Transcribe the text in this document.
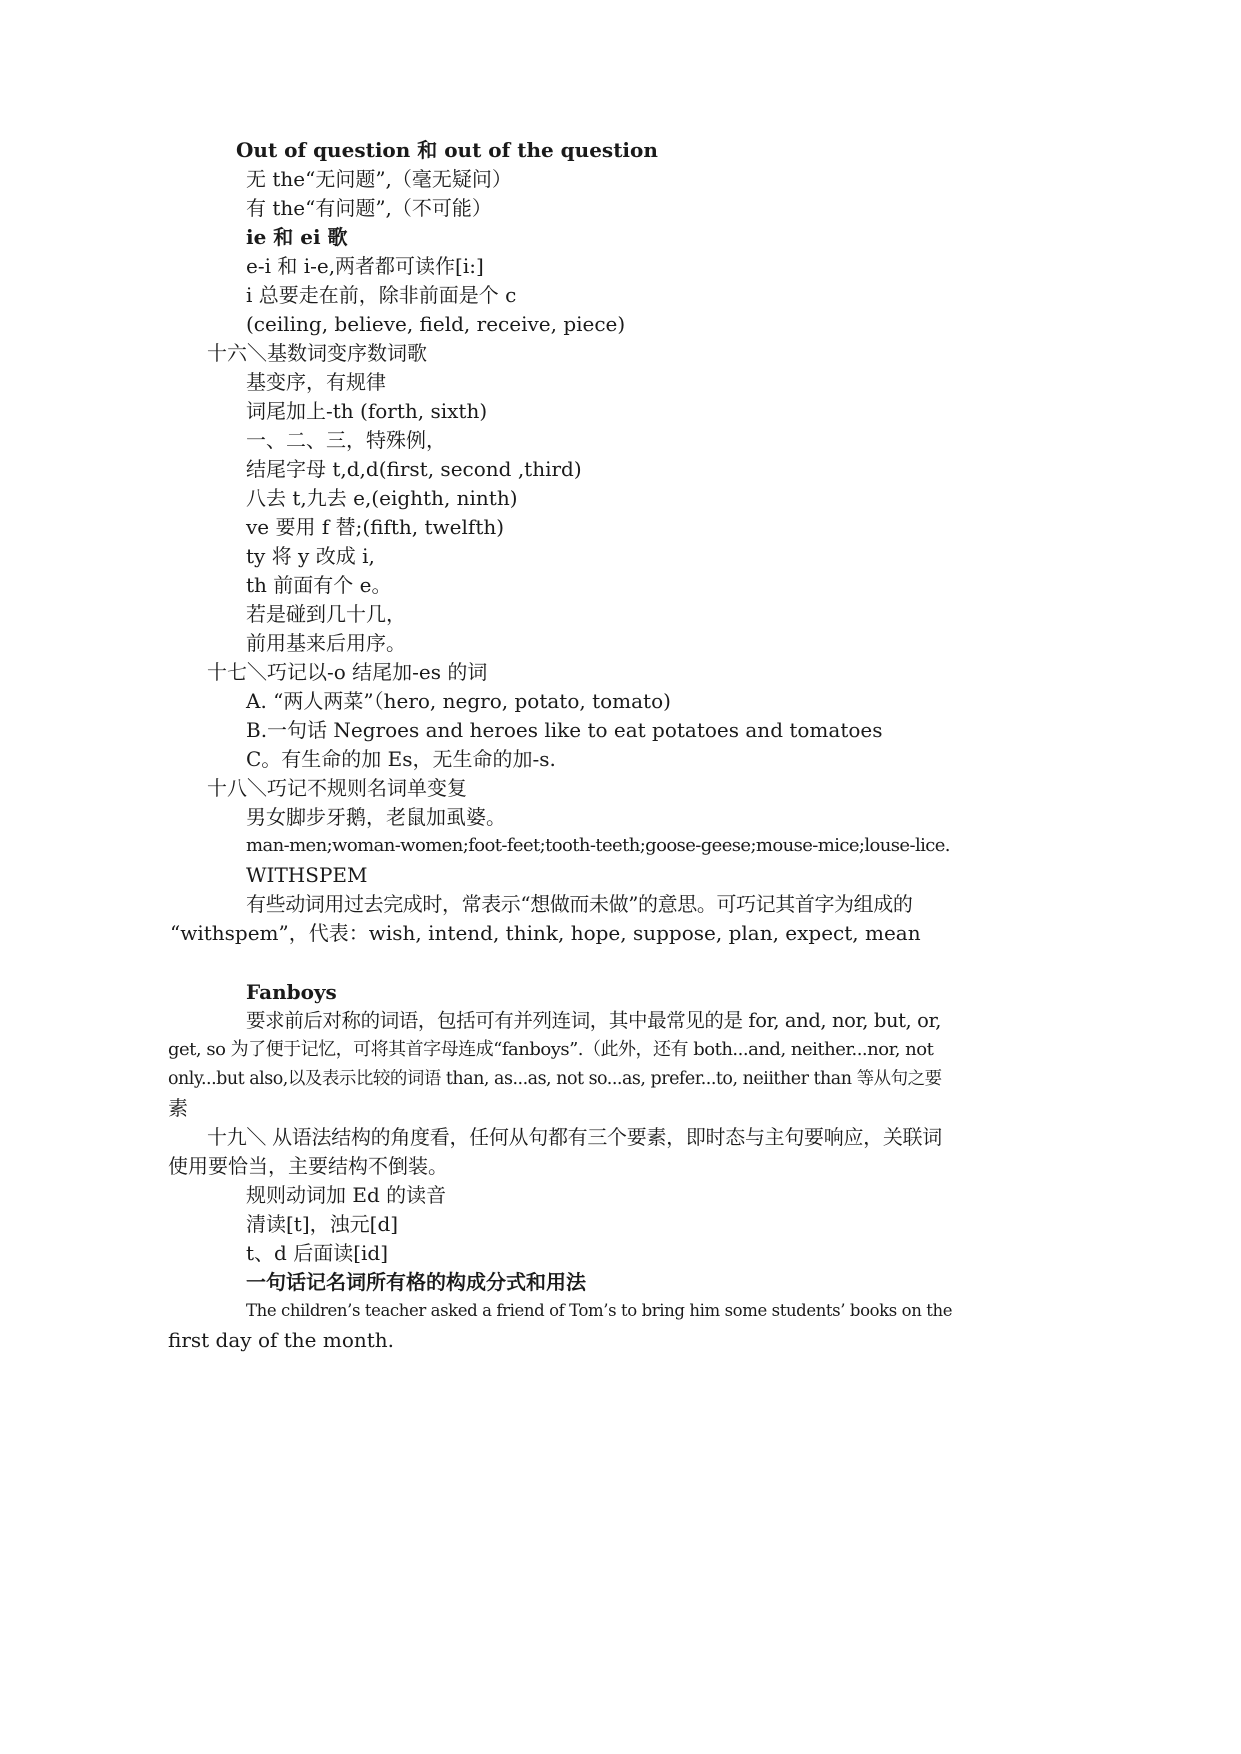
Out of question 和 out of the question

无 the“无问题”,（毫无疑问）

有 the“有问题”,（不可能）

ie 和 ei 歌

e-i 和 i-e,两者都可读作[i:]

i 总要走在前，除非前面是个 c

(ceiling, believe, field, receive, piece)

十六＼基数词变序数词歌

基变序，有规律

词尾加上-th (forth, sixth)

一、二、三，特殊例，

结尾字母 t,d,d(first, second ,third)

八去 t,九去 e,(eighth, ninth)

ve 要用 f 替;(fifth, twelfth)

ty 将 y 改成 i,

th 前面有个 e。

若是碰到几十几，

前用基来后用序。

十七＼巧记以-o 结尾加-es 的词

A. “两人两菜”（hero, negro, potato, tomato)

B.一句话 Negroes and heroes like to eat potatoes and tomatoes

C。有生命的加 Es，无生命的加-s.

十八＼巧记不规则名词单变复

男女脚步牙鹅，老鼠加虱婆。

man-men;woman-women;foot-feet;tooth-teeth;goose-geese;mouse-mice;louse-lice.

WITHSPEM

有些动词用过去完成时，常表示“想做而未做”的意思。可巧记其首字为组成的

“withspem”，代表：wish, intend, think, hope, suppose, plan, expect, mean

Fanboys

要求前后对称的词语，包括可有并列连词，其中最常见的是 for, and, nor, but, or,

get, so 为了便于记忆，可将其首字母连成“fanboys”.（此外，还有 both...and, neither...nor, not

only...but also,以及表示比较的词语 than, as...as, not so...as, prefer...to, neiither than 等从句之要

素

十九＼ 从语法结构的角度看，任何从句都有三个要素，即时态与主句要响应，关联词

使用要恰当，主要结构不倒装。

规则动词加 Ed 的读音

清读[t]，浊元[d]

t、d 后面读[id]

一句话记名词所有格的构成分式和用法

The children’s teacher asked a friend of Tom’s to bring him some students’ books on the

first day of the month.
